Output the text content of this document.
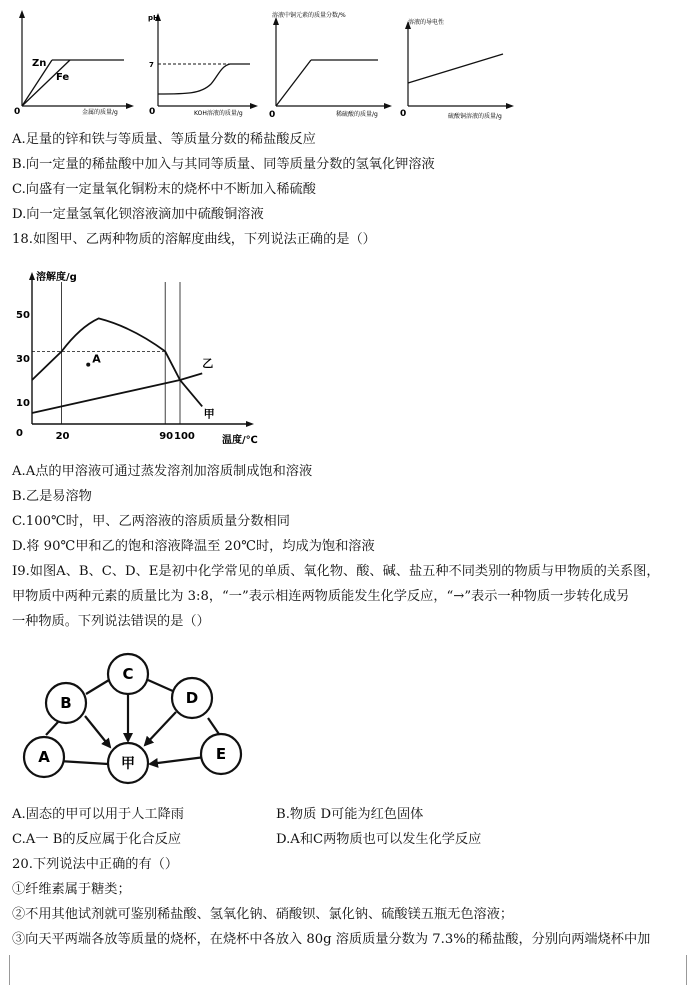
Zn
Fe
0	金属的质量/g
pH
7
0	KOH溶液的质量/g
溶液中铜元素的质量分数/%
0	稀硫酸的质量/g
溶液的导电性
0	硫酸铜溶液的质量/g
A.足量的锌和铁与等质量、等质量分数的稀盐酸反应
B.向一定量的稀盐酸中加入与其同等质量、同等质量分数的氢氧化钾溶液
C.向盛有一定量氧化铜粉末的烧杯中不断加入稀硫酸
D.向一定量氢氧化钡溶液滴加中硫酸铜溶液
18.如图甲、乙两种物质的溶解度曲线，下列说法正确的是（）
溶解度/g
温度/℃
0
50
30
10
20	90 100
甲
乙
A
A.A点的甲溶液可通过蒸发溶剂加溶质制成饱和溶液
B.乙是易溶物
C.100℃时，甲、乙两溶液的溶质质量分数相同
D.将 90℃甲和乙的饱和溶液降温至 20℃时，均成为饱和溶液
I9.如图A、B、C、D、E是初中化学常见的单质、氧化物、酸、碱、盐五种不同类别的物质与甲物质的关系图，
甲物质中两种元素的质量比为 3:8，“一”表示相连两物质能发生化学反应，“→”表示一种物质一步转化成另
一种物质。下列说法错误的是（）
B
C
D
A	甲
E
A.固态的甲可以用于人工降雨	B.物质 D可能为红色固体
C.A一 B的反应属于化合反应	D.A和C两物质也可以发生化学反应
20.下列说法中正确的有（）
①纤维素属于糖类；
②不用其他试剂就可鉴别稀盐酸、氢氧化钠、硝酸钡、氯化钠、硫酸镁五瓶无色溶液；
③向天平两端各放等质量的烧杯，在烧杯中各放入 80g 溶质质量分数为 7.3%的稀盐酸，分别向两端烧杯中加
